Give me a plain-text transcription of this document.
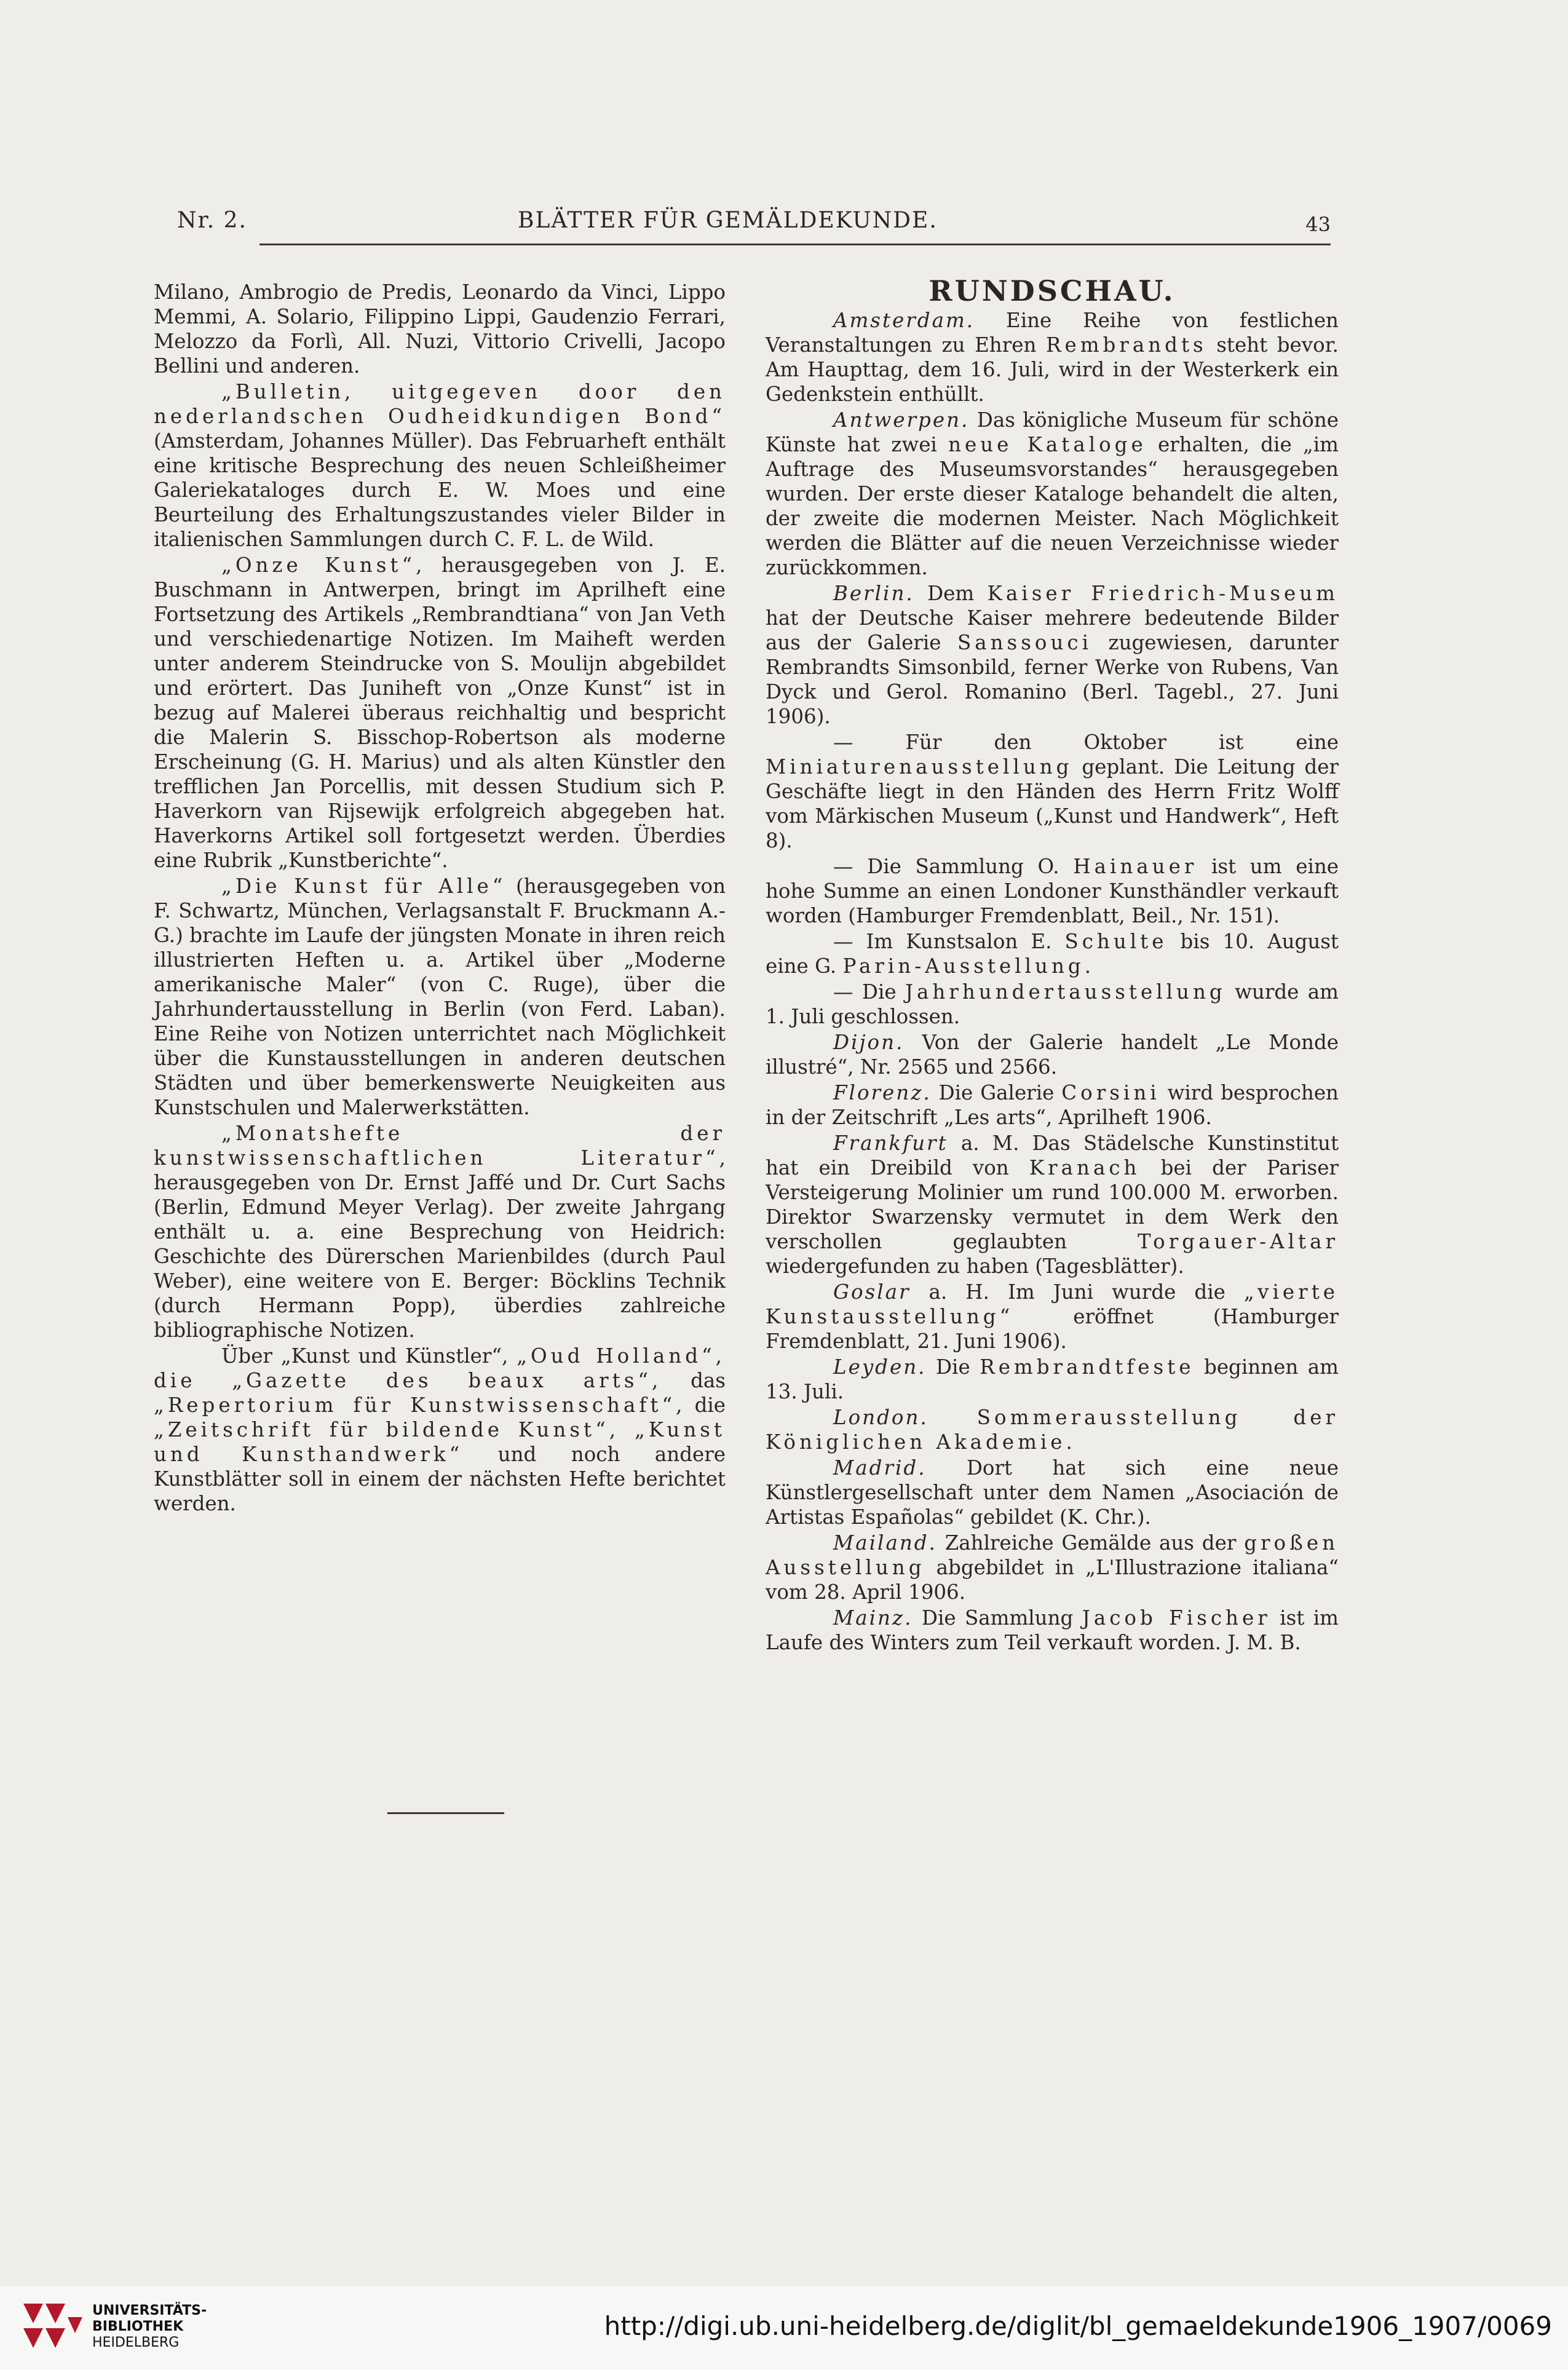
Nr. 2.	BLÄTTER FÜR GEMÄLDEKUNDE.	43

Milano, Ambrogio de Predis, Leonardo da Vinci, Lippo Memmi, A. Solario, Filippino Lippi, Gaudenzio Ferrari, Melozzo da Forlì, All. Nuzi, Vittorio Crivelli, Jacopo Bellini und anderen.

„Bulletin, uitgegeven door den nederlandschen Oudheidkundigen Bond“ (Amsterdam, Johannes Müller). Das Februarheft enthält eine kritische Besprechung des neuen Schleißheimer Galeriekataloges durch E. W. Moes und eine Beurteilung des Erhaltungszustandes vieler Bilder in italienischen Sammlungen durch C. F. L. de Wild.

„Onze Kunst“, herausgegeben von J. E. Buschmann in Antwerpen, bringt im Aprilheft eine Fortsetzung des Artikels „Rembrandtiana“ von Jan Veth und verschiedenartige Notizen. Im Maiheft werden unter anderem Steindrucke von S. Moulijn abgebildet und erörtert. Das Juniheft von „Onze Kunst“ ist in bezug auf Malerei überaus reichhaltig und bespricht die Malerin S. Bisschop-Robertson als moderne Erscheinung (G. H. Marius) und als alten Künstler den trefflichen Jan Porcellis, mit dessen Studium sich P. Haverkorn van Rijsewijk erfolgreich abgegeben hat. Haverkorns Artikel soll fortgesetzt werden. Überdies eine Rubrik „Kunstberichte“.

„Die Kunst für Alle“ (herausgegeben von F. Schwartz, München, Verlagsanstalt F. Bruckmann A.-G.) brachte im Laufe der jüngsten Monate in ihren reich illustrierten Heften u. a. Artikel über „Moderne amerikanische Maler“ (von C. Ruge), über die Jahrhundertausstellung in Berlin (von Ferd. Laban). Eine Reihe von Notizen unterrichtet nach Möglichkeit über die Kunstausstellungen in anderen deutschen Städten und über bemerkenswerte Neuigkeiten aus Kunstschulen und Malerwerkstätten.

„Monatshefte der kunstwissenschaftlichen Literatur“, herausgegeben von Dr. Ernst Jaffé und Dr. Curt Sachs (Berlin, Edmund Meyer Verlag). Der zweite Jahrgang enthält u. a. eine Besprechung von Heidrich: Geschichte des Dürerschen Marienbildes (durch Paul Weber), eine weitere von E. Berger: Böcklins Technik (durch Hermann Popp), überdies zahlreiche bibliographische Notizen.

Über „Kunst und Künstler“, „Oud Holland“, die „Gazette des beaux arts“, das „Repertorium für Kunstwissenschaft“, die „Zeitschrift für bildende Kunst“, „Kunst und Kunsthandwerk“ und noch andere Kunstblätter soll in einem der nächsten Hefte berichtet werden.

RUNDSCHAU.

Amsterdam. Eine Reihe von festlichen Veranstaltungen zu Ehren Rembrandts steht bevor. Am Haupttag, dem 16. Juli, wird in der Westerkerk ein Gedenkstein enthüllt.

Antwerpen. Das königliche Museum für schöne Künste hat zwei neue Kataloge erhalten, die „im Auftrage des Museumsvorstandes“ herausgegeben wurden. Der erste dieser Kataloge behandelt die alten, der zweite die modernen Meister. Nach Möglichkeit werden die Blätter auf die neuen Verzeichnisse wieder zurückkommen.

Berlin. Dem Kaiser Friedrich-Museum hat der Deutsche Kaiser mehrere bedeutende Bilder aus der Galerie Sanssouci zugewiesen, darunter Rembrandts Simsonbild, ferner Werke von Rubens, Van Dyck und Gerol. Romanino (Berl. Tagebl., 27. Juni 1906).

— Für den Oktober ist eine Miniaturenausstellung geplant. Die Leitung der Geschäfte liegt in den Händen des Herrn Fritz Wolff vom Märkischen Museum („Kunst und Handwerk“, Heft 8).

— Die Sammlung O. Hainauer ist um eine hohe Summe an einen Londoner Kunsthändler verkauft worden (Hamburger Fremdenblatt, Beil., Nr. 151).

— Im Kunstsalon E. Schulte bis 10. August eine G. Parin-Ausstellung.

— Die Jahrhundertausstellung wurde am 1. Juli geschlossen.

Dijon. Von der Galerie handelt „Le Monde illustré“, Nr. 2565 und 2566.

Florenz. Die Galerie Corsini wird besprochen in der Zeitschrift „Les arts“, Aprilheft 1906.

Frankfurt a. M. Das Städelsche Kunstinstitut hat ein Dreibild von Kranach bei der Pariser Versteigerung Molinier um rund 100.000 M. erworben. Direktor Swarzensky vermutet in dem Werk den verschollen geglaubten Torgauer-Altar wiedergefunden zu haben (Tagesblätter).

Goslar a. H. Im Juni wurde die „vierte Kunstausstellung“ eröffnet (Hamburger Fremdenblatt, 21. Juni 1906).

Leyden. Die Rembrandtfeste beginnen am 13. Juli.

London. Sommerausstellung der Königlichen Akademie.

Madrid. Dort hat sich eine neue Künstlergesellschaft unter dem Namen „Asociación de Artistas Españolas“ gebildet (K. Chr.).

Mailand. Zahlreiche Gemälde aus der großen Ausstellung abgebildet in „L'Illustrazione italiana“ vom 28. April 1906.

Mainz. Die Sammlung Jacob Fischer ist im Laufe des Winters zum Teil verkauft worden. J. M. B.

UNIVERSITÄTS-
BIBLIOTHEK
HEIDELBERG
http://digi.ub.uni-heidelberg.de/diglit/bl_gemaeldekunde1906_1907/0069
